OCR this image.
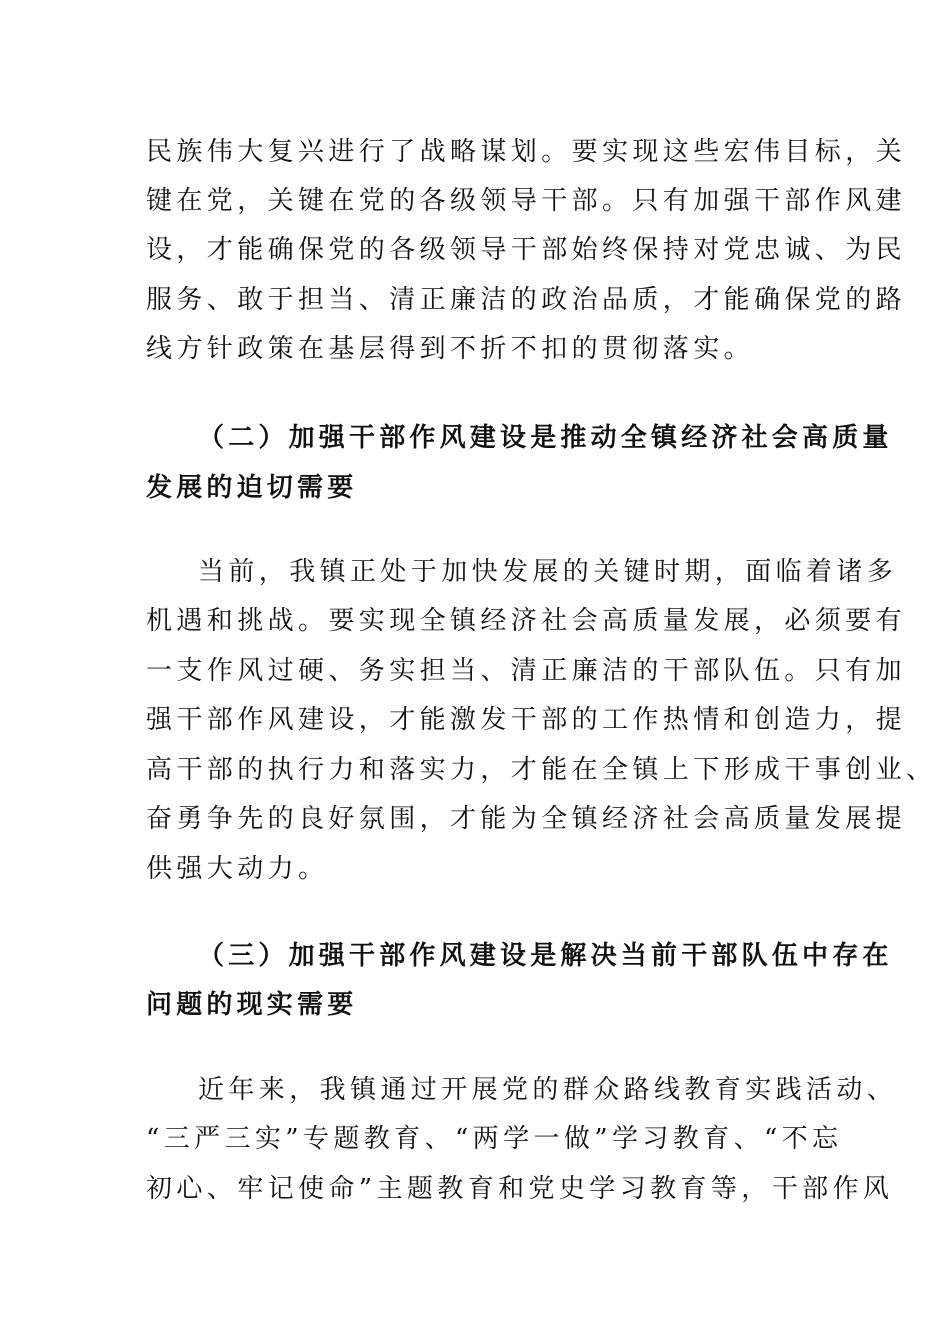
民族伟大复兴进行了战略谋划。要实现这些宏伟目标，关
键在党，关键在党的各级领导干部。只有加强干部作风建
设，才能确保党的各级领导干部始终保持对党忠诚、为民
服务、敢于担当、清正廉洁的政治品质，才能确保党的路
线方针政策在基层得到不折不扣的贯彻落实。
（二）加强干部作风建设是推动全镇经济社会高质量
发展的迫切需要
当前，我镇正处于加快发展的关键时期，面临着诸多
机遇和挑战。要实现全镇经济社会高质量发展，必须要有
一支作风过硬、务实担当、清正廉洁的干部队伍。只有加
强干部作风建设，才能激发干部的工作热情和创造力，提
高干部的执行力和落实力，才能在全镇上下形成干事创业、
奋勇争先的良好氛围，才能为全镇经济社会高质量发展提
供强大动力。
（三）加强干部作风建设是解决当前干部队伍中存在
问题的现实需要
近年来，我镇通过开展党的群众路线教育实践活动、
“三严三实”专题教育、“两学一做”学习教育、“不忘
初心、牢记使命”主题教育和党史学习教育等，干部作风
